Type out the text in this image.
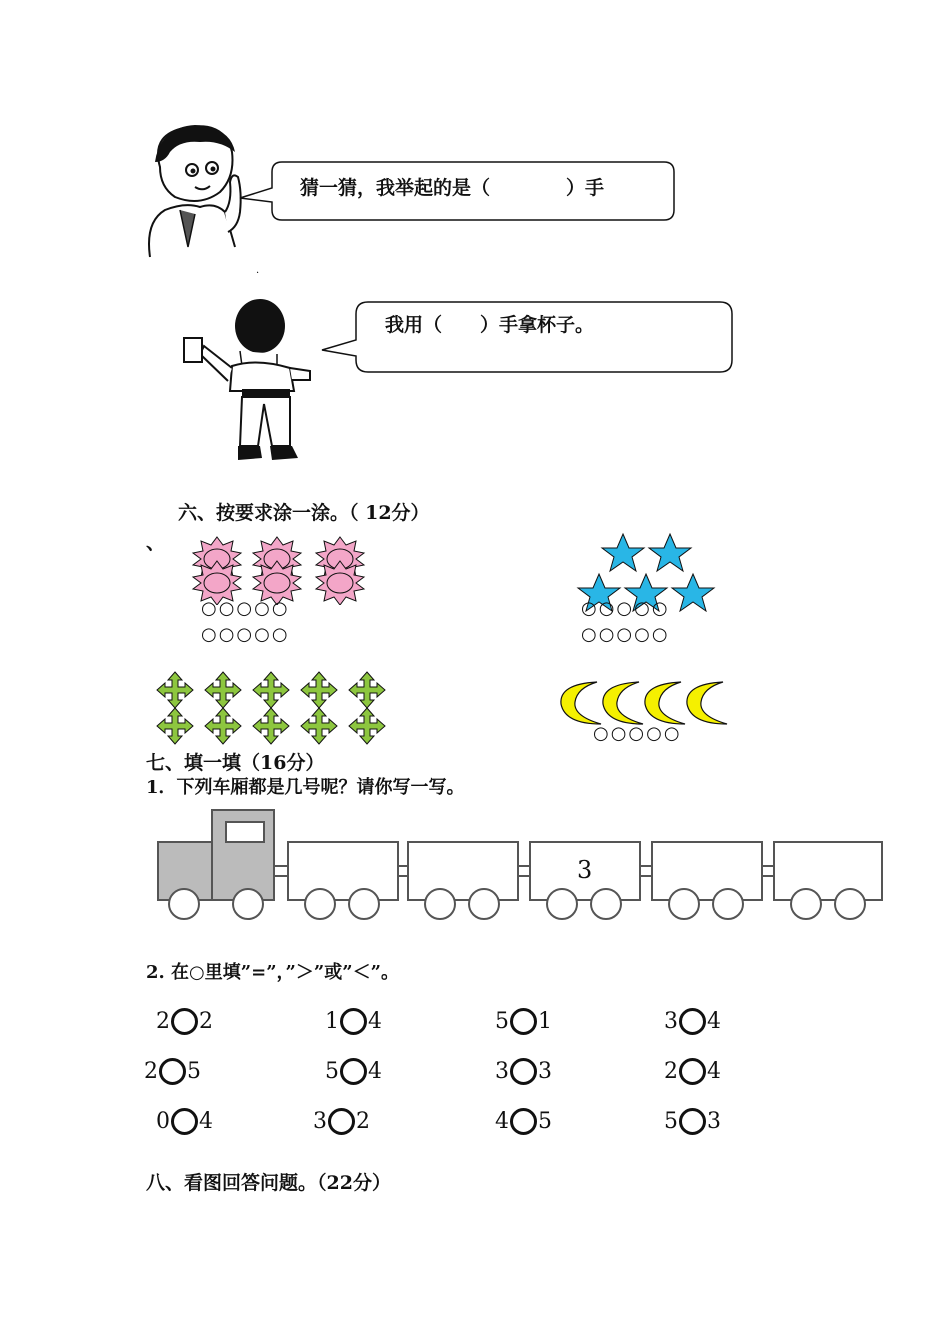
猜一猜，我举起的是（　　　　）手
·
我用（　　）手拿杯子。
六、按要求涂一涂。（ 12分）
、
○○○○○
○○○○○
○○○○○
○○○○○
○○○○○
七、填一填（16分）
1．下列车厢都是几号呢？请你写一写。
3
2. 在○里填”=”，”＞”或”＜”。
2 2	1 4	5 1	3 4
2 5	5 4	3 3	2 4
0 4	3 2	4 5	5 3
八、看图回答问题。（22分）
